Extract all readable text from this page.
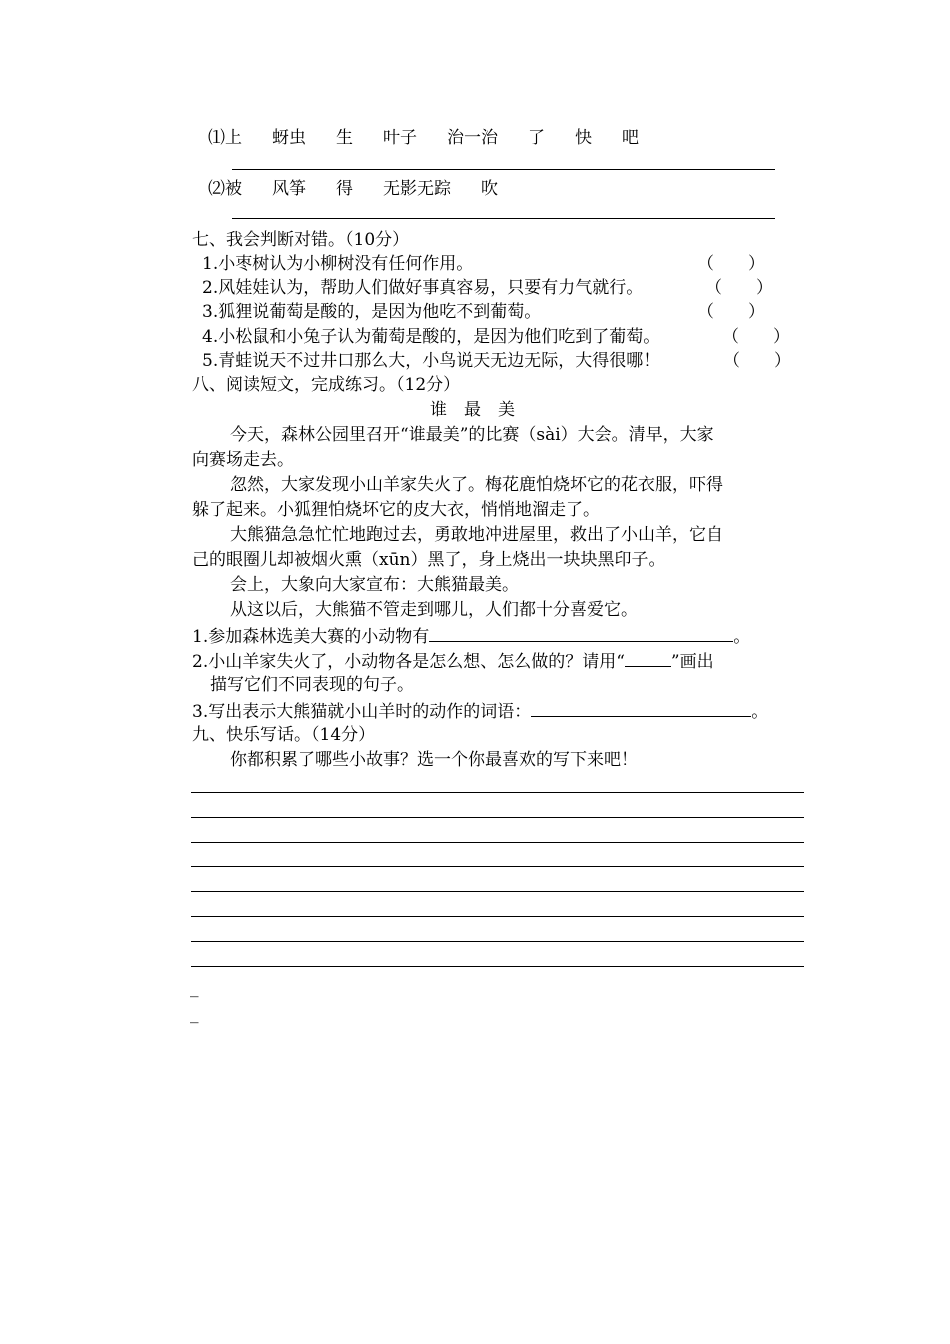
⑴上 蚜虫 生 叶子 治一治 了 快 吧
⑵被 风筝 得 无影无踪 吹
七、我会判断对错。（10分）
1.小枣树认为小柳树没有任何作用。	（　　）
2.风娃娃认为，帮助人们做好事真容易，只要有力气就行。	（　　）
3.狐狸说葡萄是酸的，是因为他吃不到葡萄。	（　　）
4.小松鼠和小兔子认为葡萄是酸的，是因为他们吃到了葡萄。	（　　）
5.青蛙说天不过井口那么大，小鸟说天无边无际，大得很哪！	（　　）
八、阅读短文，完成练习。（12分）
谁　最　美
今天，森林公园里召开“谁最美”的比赛（sài）大会。清早，大家
向赛场走去。
忽然，大家发现小山羊家失火了。梅花鹿怕烧坏它的花衣服，吓得
躲了起来。小狐狸怕烧坏它的皮大衣，悄悄地溜走了。
大熊猫急急忙忙地跑过去，勇敢地冲进屋里，救出了小山羊，它自
己的眼圈儿却被烟火熏（xūn）黑了，身上烧出一块块黑印子。
会上，大象向大家宣布：大熊猫最美。
从这以后，大熊猫不管走到哪儿，人们都十分喜爱它。
1.参加森林选美大赛的小动物有	。
2.小山羊家失火了，小动物各是怎么想、怎么做的？请用“	”画出
描写它们不同表现的句子。
3.写出表示大熊猫就小山羊时的动作的词语：	。
九、快乐写话。（14分）
你都积累了哪些小故事？选一个你最喜欢的写下来吧！
_
_
